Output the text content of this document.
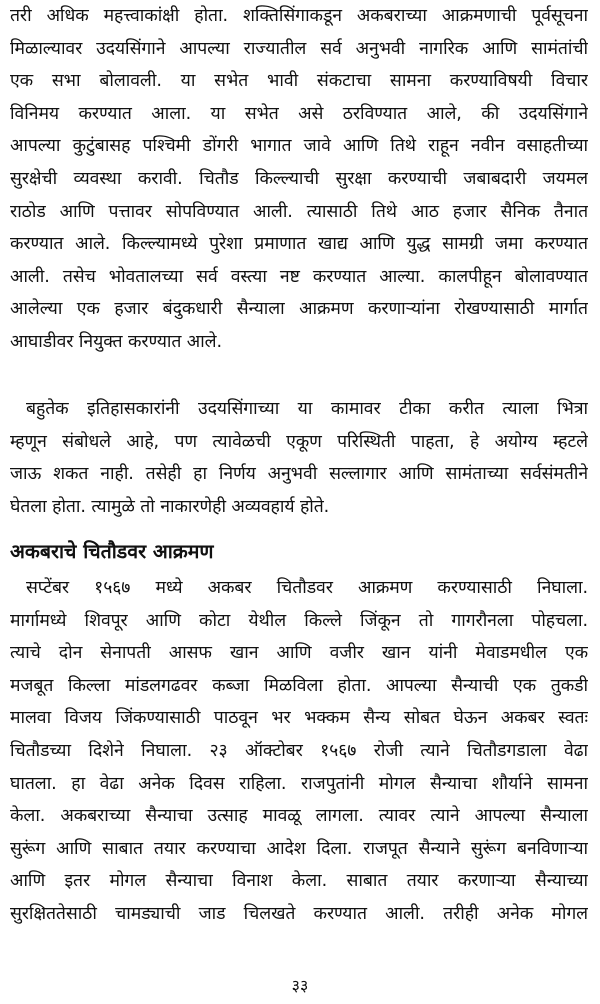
तरी अधिक महत्त्वाकांक्षी होता. शक्तिसिंगाकडून अकबराच्या आक्रमणाची पूर्वसूचना
मिळाल्यावर उदयसिंगाने आपल्या राज्यातील सर्व अनुभवी नागरिक आणि सामंतांची
एक सभा बोलावली. या सभेत भावी संकटाचा सामना करण्याविषयी विचार
विनिमय करण्यात आला. या सभेत असे ठरविण्यात आले, की उदयसिंगाने
आपल्या कुटुंबासह पश्चिमी डोंगरी भागात जावे आणि तिथे राहून नवीन वसाहतीच्या
सुरक्षेची व्यवस्था करावी. चितौड किल्ल्याची सुरक्षा करण्याची जबाबदारी जयमल
राठोड आणि पत्तावर सोपविण्यात आली. त्यासाठी तिथे आठ हजार सैनिक तैनात
करण्यात आले. किल्ल्यामध्ये पुरेशा प्रमाणात खाद्य आणि युद्ध सामग्री जमा करण्यात
आली. तसेच भोवतालच्या सर्व वस्त्या नष्ट करण्यात आल्या. कालपीहून बोलावण्यात
आलेल्या एक हजार बंदुकधारी सैन्याला आक्रमण करणाऱ्यांना रोखण्यासाठी मार्गात
आघाडीवर नियुक्त करण्यात आले.
बहुतेक इतिहासकारांनी उदयसिंगाच्या या कामावर टीका करीत त्याला भित्रा
म्हणून संबोधले आहे, पण त्यावेळची एकूण परिस्थिती पाहता, हे अयोग्य म्हटले
जाऊ शकत नाही. तसेही हा निर्णय अनुभवी सल्लागार आणि सामंताच्या सर्वसंमतीने
घेतला होता. त्यामुळे तो नाकारणेही अव्यवहार्य होते.
अकबराचे चितौडवर आक्रमण
सप्टेंबर १५६७ मध्ये अकबर चितौडवर आक्रमण करण्यासाठी निघाला.
मार्गामध्ये शिवपूर आणि कोटा येथील किल्ले जिंकून तो गागरौनला पोहचला.
त्याचे दोन सेनापती आसफ खान आणि वजीर खान यांनी मेवाडमधील एक
मजबूत किल्ला मांडलगढवर कब्जा मिळविला होता. आपल्या सैन्याची एक तुकडी
मालवा विजय जिंकण्यासाठी पाठवून भर भक्कम सैन्य सोबत घेऊन अकबर स्वतः
चितौडच्या दिशेने निघाला. २३ ऑक्टोबर १५६७ रोजी त्याने चितौडगडाला वेढा
घातला. हा वेढा अनेक दिवस राहिला. राजपुतांनी मोगल सैन्याचा शौर्याने सामना
केला. अकबराच्या सैन्याचा उत्साह मावळू लागला. त्यावर त्याने आपल्या सैन्याला
सुरूंग आणि साबात तयार करण्याचा आदेश दिला. राजपूत सैन्याने सुरूंग बनविणाऱ्या
आणि इतर मोगल सैन्याचा विनाश केला. साबात तयार करणाऱ्या सैन्याच्या
सुरक्षिततेसाठी चामड्याची जाड चिलखते करण्यात आली. तरीही अनेक मोगल
३३
